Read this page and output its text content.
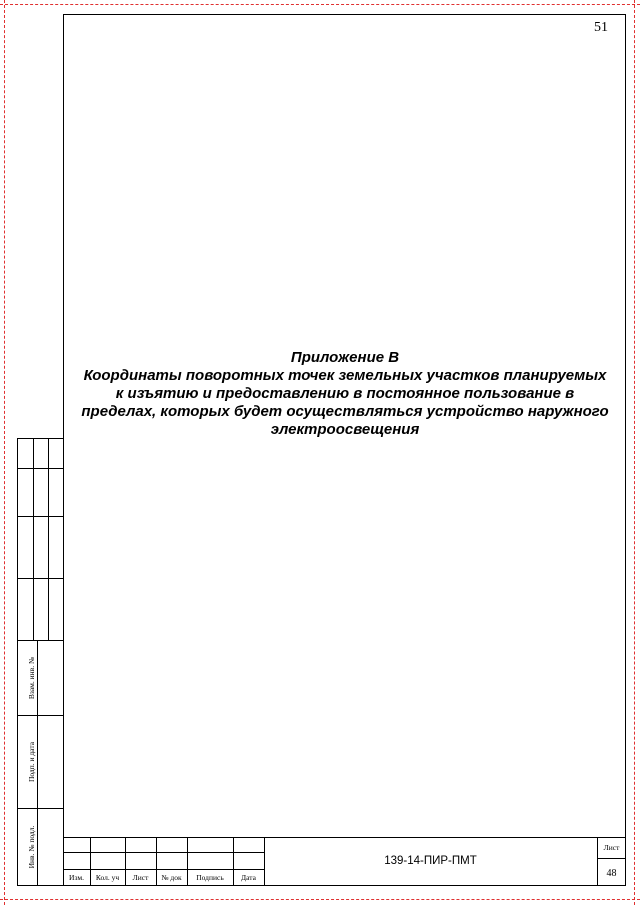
51
Приложение В
Координаты поворотных точек земельных участков планируемых
к изъятию и предоставлению в постоянное пользование в
пределах, которых будет осуществляться устройство наружного
электроосвещения
Взам. инв. №
Подп. и дата
Инв. № подл.
Изм.	Кол. уч	Лист	№ док	Подпись	Дата
139-14-ПИР-ПМТ
Лист
48
